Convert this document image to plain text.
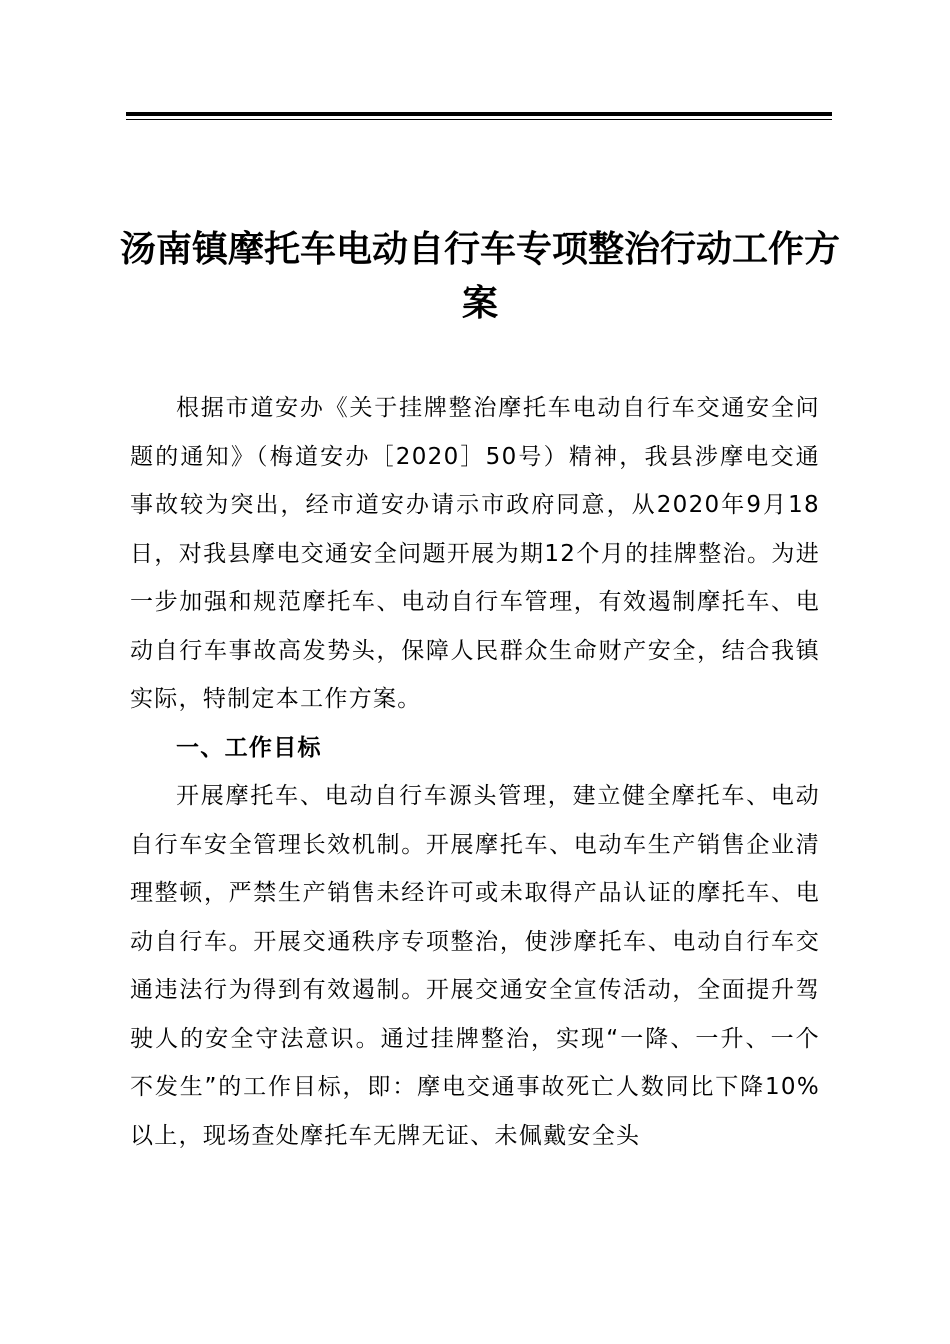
汤南镇摩托车电动自行车专项整治行动工作方案

根据市道安办《关于挂牌整治摩托车电动自行车交通安全问题的通知》（梅道安办［2020］50号）精神，我县涉摩电交通事故较为突出，经市道安办请示市政府同意，从2020年9月18日，对我县摩电交通安全问题开展为期12个月的挂牌整治。为进一步加强和规范摩托车、电动自行车管理，有效遏制摩托车、电动自行车事故高发势头，保障人民群众生命财产安全，结合我镇实际，特制定本工作方案。

一、工作目标

开展摩托车、电动自行车源头管理，建立健全摩托车、电动自行车安全管理长效机制。开展摩托车、电动车生产销售企业清理整顿，严禁生产销售未经许可或未取得产品认证的摩托车、电动自行车。开展交通秩序专项整治，使涉摩托车、电动自行车交通违法行为得到有效遏制。开展交通安全宣传活动，全面提升驾驶人的安全守法意识。通过挂牌整治，实现“一降、一升、一个不发生”的工作目标，即：摩电交通事故死亡人数同比下降10%以上，现场查处摩托车无牌无证、未佩戴安全头
